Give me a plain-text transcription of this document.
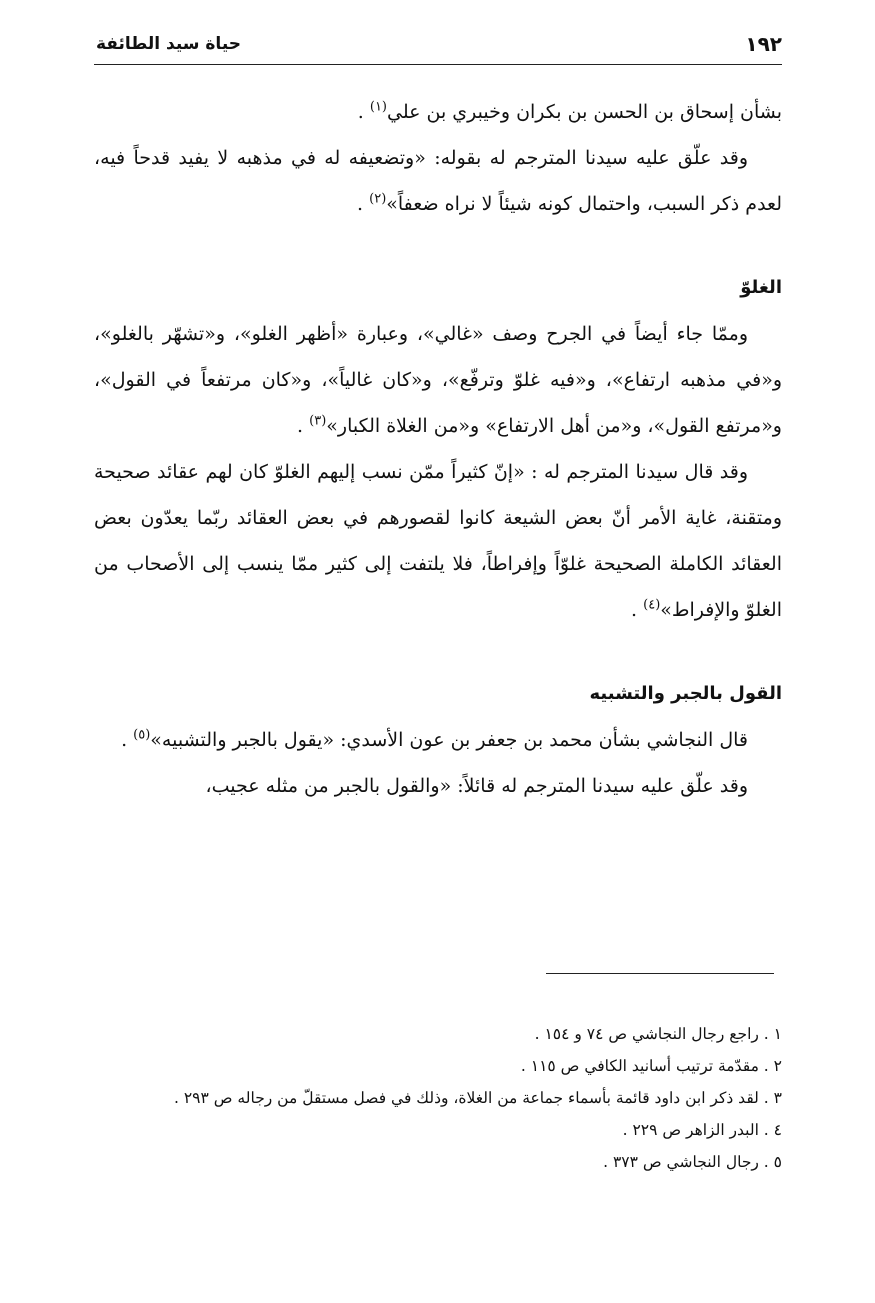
١٩٢
حياة سيد الطائفة

بشأن إسحاق بن الحسن بن بكران وخيبري بن علي$^{(١)}$ .

وقد علّق عليه سيدنا المترجم له بقوله: «وتضعيفه له في مذهبه لا يفيد قدحاً فيه، لعدم ذكر السبب، واحتمال كونه شيئاً لا نراه ضعفاً»$^{(٢)}$ .

الغلوّ

وممّا جاء أيضاً في الجرح وصف «غالي»، وعبارة «أظهر الغلو»، و«تشهّر بالغلو»، و«في مذهبه ارتفاع»، و«فيه غلوّ وترفّع»، و«كان غالياً»، و«كان مرتفعاً في القول»، و«مرتفع القول»، و«من أهل الارتفاع» و«من الغلاة الكبار»$^{(٣)}$ .

وقد قال سيدنا المترجم له : «إنّ كثيراً ممّن نسب إليهم الغلوّ كان لهم عقائد صحيحة ومتقنة، غاية الأمر أنّ بعض الشيعة كانوا لقصورهم في بعض العقائد ربّما يعدّون بعض العقائد الكاملة الصحيحة غلوّاً وإفراطاً، فلا يلتفت إلى كثير ممّا ينسب إلى الأصحاب من الغلوّ والإفراط»$^{(٤)}$ .

القول بالجبر والتشبيه

قال النجاشي بشأن محمد بن جعفر بن عون الأسدي: «يقول بالجبر والتشبيه»$^{(٥)}$ .

وقد علّق عليه سيدنا المترجم له قائلاً: «والقول بالجبر من مثله عجيب،

١ . راجع رجال النجاشي ص ٧٤ و ١٥٤ .

٢ . مقدّمة ترتيب أسانيد الكافي ص ١١٥ .

٣ . لقد ذكر ابن داود قائمة بأسماء جماعة من الغلاة، وذلك في فصل مستقلّ من رجاله ص ٢٩٣ .

٤ . البدر الزاهر ص ٢٢٩ .

٥ . رجال النجاشي ص ٣٧٣ .
